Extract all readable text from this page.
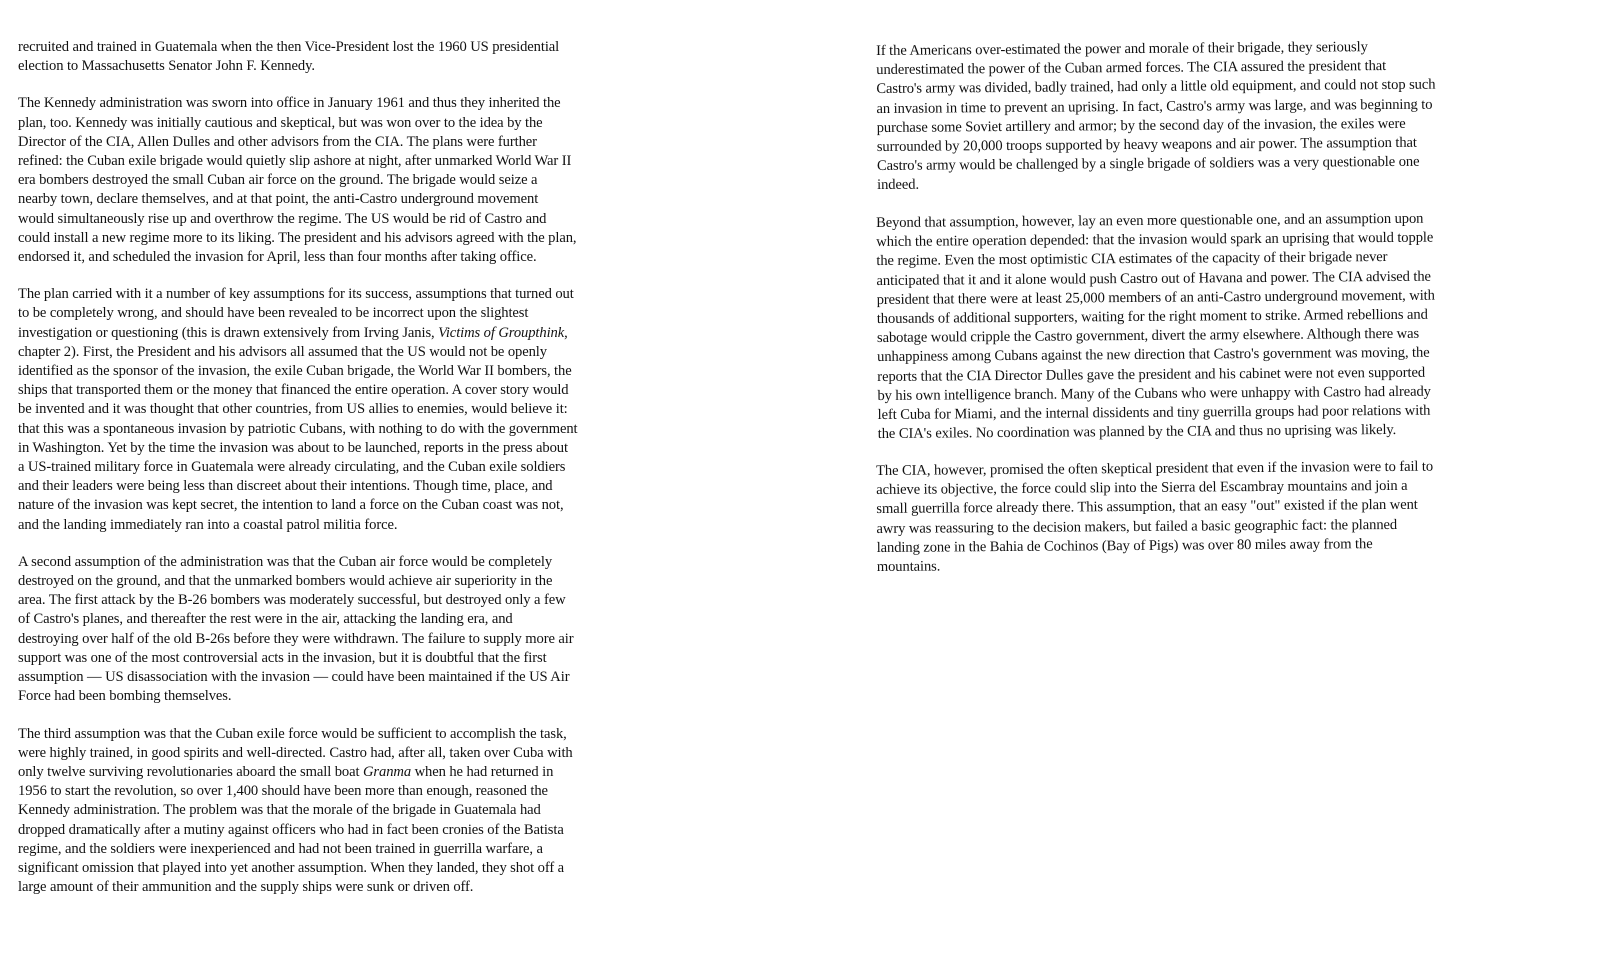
recruited and trained in Guatemala when the then Vice-President lost the 1960 US presidential
election to Massachusetts Senator John F. Kennedy.

The Kennedy administration was sworn into office in January 1961 and thus they inherited the
plan, too. Kennedy was initially cautious and skeptical, but was won over to the idea by the
Director of the CIA, Allen Dulles and other advisors from the CIA. The plans were further
refined: the Cuban exile brigade would quietly slip ashore at night, after unmarked World War II
era bombers destroyed the small Cuban air force on the ground. The brigade would seize a
nearby town, declare themselves, and at that point, the anti-Castro underground movement
would simultaneously rise up and overthrow the regime. The US would be rid of Castro and
could install a new regime more to its liking. The president and his advisors agreed with the plan,
endorsed it, and scheduled the invasion for April, less than four months after taking office.

The plan carried with it a number of key assumptions for its success, assumptions that turned out
to be completely wrong, and should have been revealed to be incorrect upon the slightest
investigation or questioning (this is drawn extensively from Irving Janis, Victims of Groupthink,
chapter 2). First, the President and his advisors all assumed that the US would not be openly
identified as the sponsor of the invasion, the exile Cuban brigade, the World War II bombers, the
ships that transported them or the money that financed the entire operation. A cover story would
be invented and it was thought that other countries, from US allies to enemies, would believe it:
that this was a spontaneous invasion by patriotic Cubans, with nothing to do with the government
in Washington. Yet by the time the invasion was about to be launched, reports in the press about
a US-trained military force in Guatemala were already circulating, and the Cuban exile soldiers
and their leaders were being less than discreet about their intentions. Though time, place, and
nature of the invasion was kept secret, the intention to land a force on the Cuban coast was not,
and the landing immediately ran into a coastal patrol militia force.

A second assumption of the administration was that the Cuban air force would be completely
destroyed on the ground, and that the unmarked bombers would achieve air superiority in the
area. The first attack by the B-26 bombers was moderately successful, but destroyed only a few
of Castro's planes, and thereafter the rest were in the air, attacking the landing era, and
destroying over half of the old B-26s before they were withdrawn. The failure to supply more air
support was one of the most controversial acts in the invasion, but it is doubtful that the first
assumption — US disassociation with the invasion — could have been maintained if the US Air
Force had been bombing themselves.

The third assumption was that the Cuban exile force would be sufficient to accomplish the task,
were highly trained, in good spirits and well-directed. Castro had, after all, taken over Cuba with
only twelve surviving revolutionaries aboard the small boat Granma when he had returned in
1956 to start the revolution, so over 1,400 should have been more than enough, reasoned the
Kennedy administration. The problem was that the morale of the brigade in Guatemala had
dropped dramatically after a mutiny against officers who had in fact been cronies of the Batista
regime, and the soldiers were inexperienced and had not been trained in guerrilla warfare, a
significant omission that played into yet another assumption. When they landed, they shot off a
large amount of their ammunition and the supply ships were sunk or driven off.

If the Americans over-estimated the power and morale of their brigade, they seriously
underestimated the power of the Cuban armed forces. The CIA assured the president that
Castro's army was divided, badly trained, had only a little old equipment, and could not stop such
an invasion in time to prevent an uprising. In fact, Castro's army was large, and was beginning to
purchase some Soviet artillery and armor; by the second day of the invasion, the exiles were
surrounded by 20,000 troops supported by heavy weapons and air power. The assumption that
Castro's army would be challenged by a single brigade of soldiers was a very questionable one
indeed.

Beyond that assumption, however, lay an even more questionable one, and an assumption upon
which the entire operation depended: that the invasion would spark an uprising that would topple
the regime. Even the most optimistic CIA estimates of the capacity of their brigade never
anticipated that it and it alone would push Castro out of Havana and power. The CIA advised the
president that there were at least 25,000 members of an anti-Castro underground movement, with
thousands of additional supporters, waiting for the right moment to strike. Armed rebellions and
sabotage would cripple the Castro government, divert the army elsewhere. Although there was
unhappiness among Cubans against the new direction that Castro's government was moving, the
reports that the CIA Director Dulles gave the president and his cabinet were not even supported
by his own intelligence branch. Many of the Cubans who were unhappy with Castro had already
left Cuba for Miami, and the internal dissidents and tiny guerrilla groups had poor relations with
the CIA's exiles. No coordination was planned by the CIA and thus no uprising was likely.

The CIA, however, promised the often skeptical president that even if the invasion were to fail to
achieve its objective, the force could slip into the Sierra del Escambray mountains and join a
small guerrilla force already there. This assumption, that an easy "out" existed if the plan went
awry was reassuring to the decision makers, but failed a basic geographic fact: the planned
landing zone in the Bahia de Cochinos (Bay of Pigs) was over 80 miles away from the
mountains.
